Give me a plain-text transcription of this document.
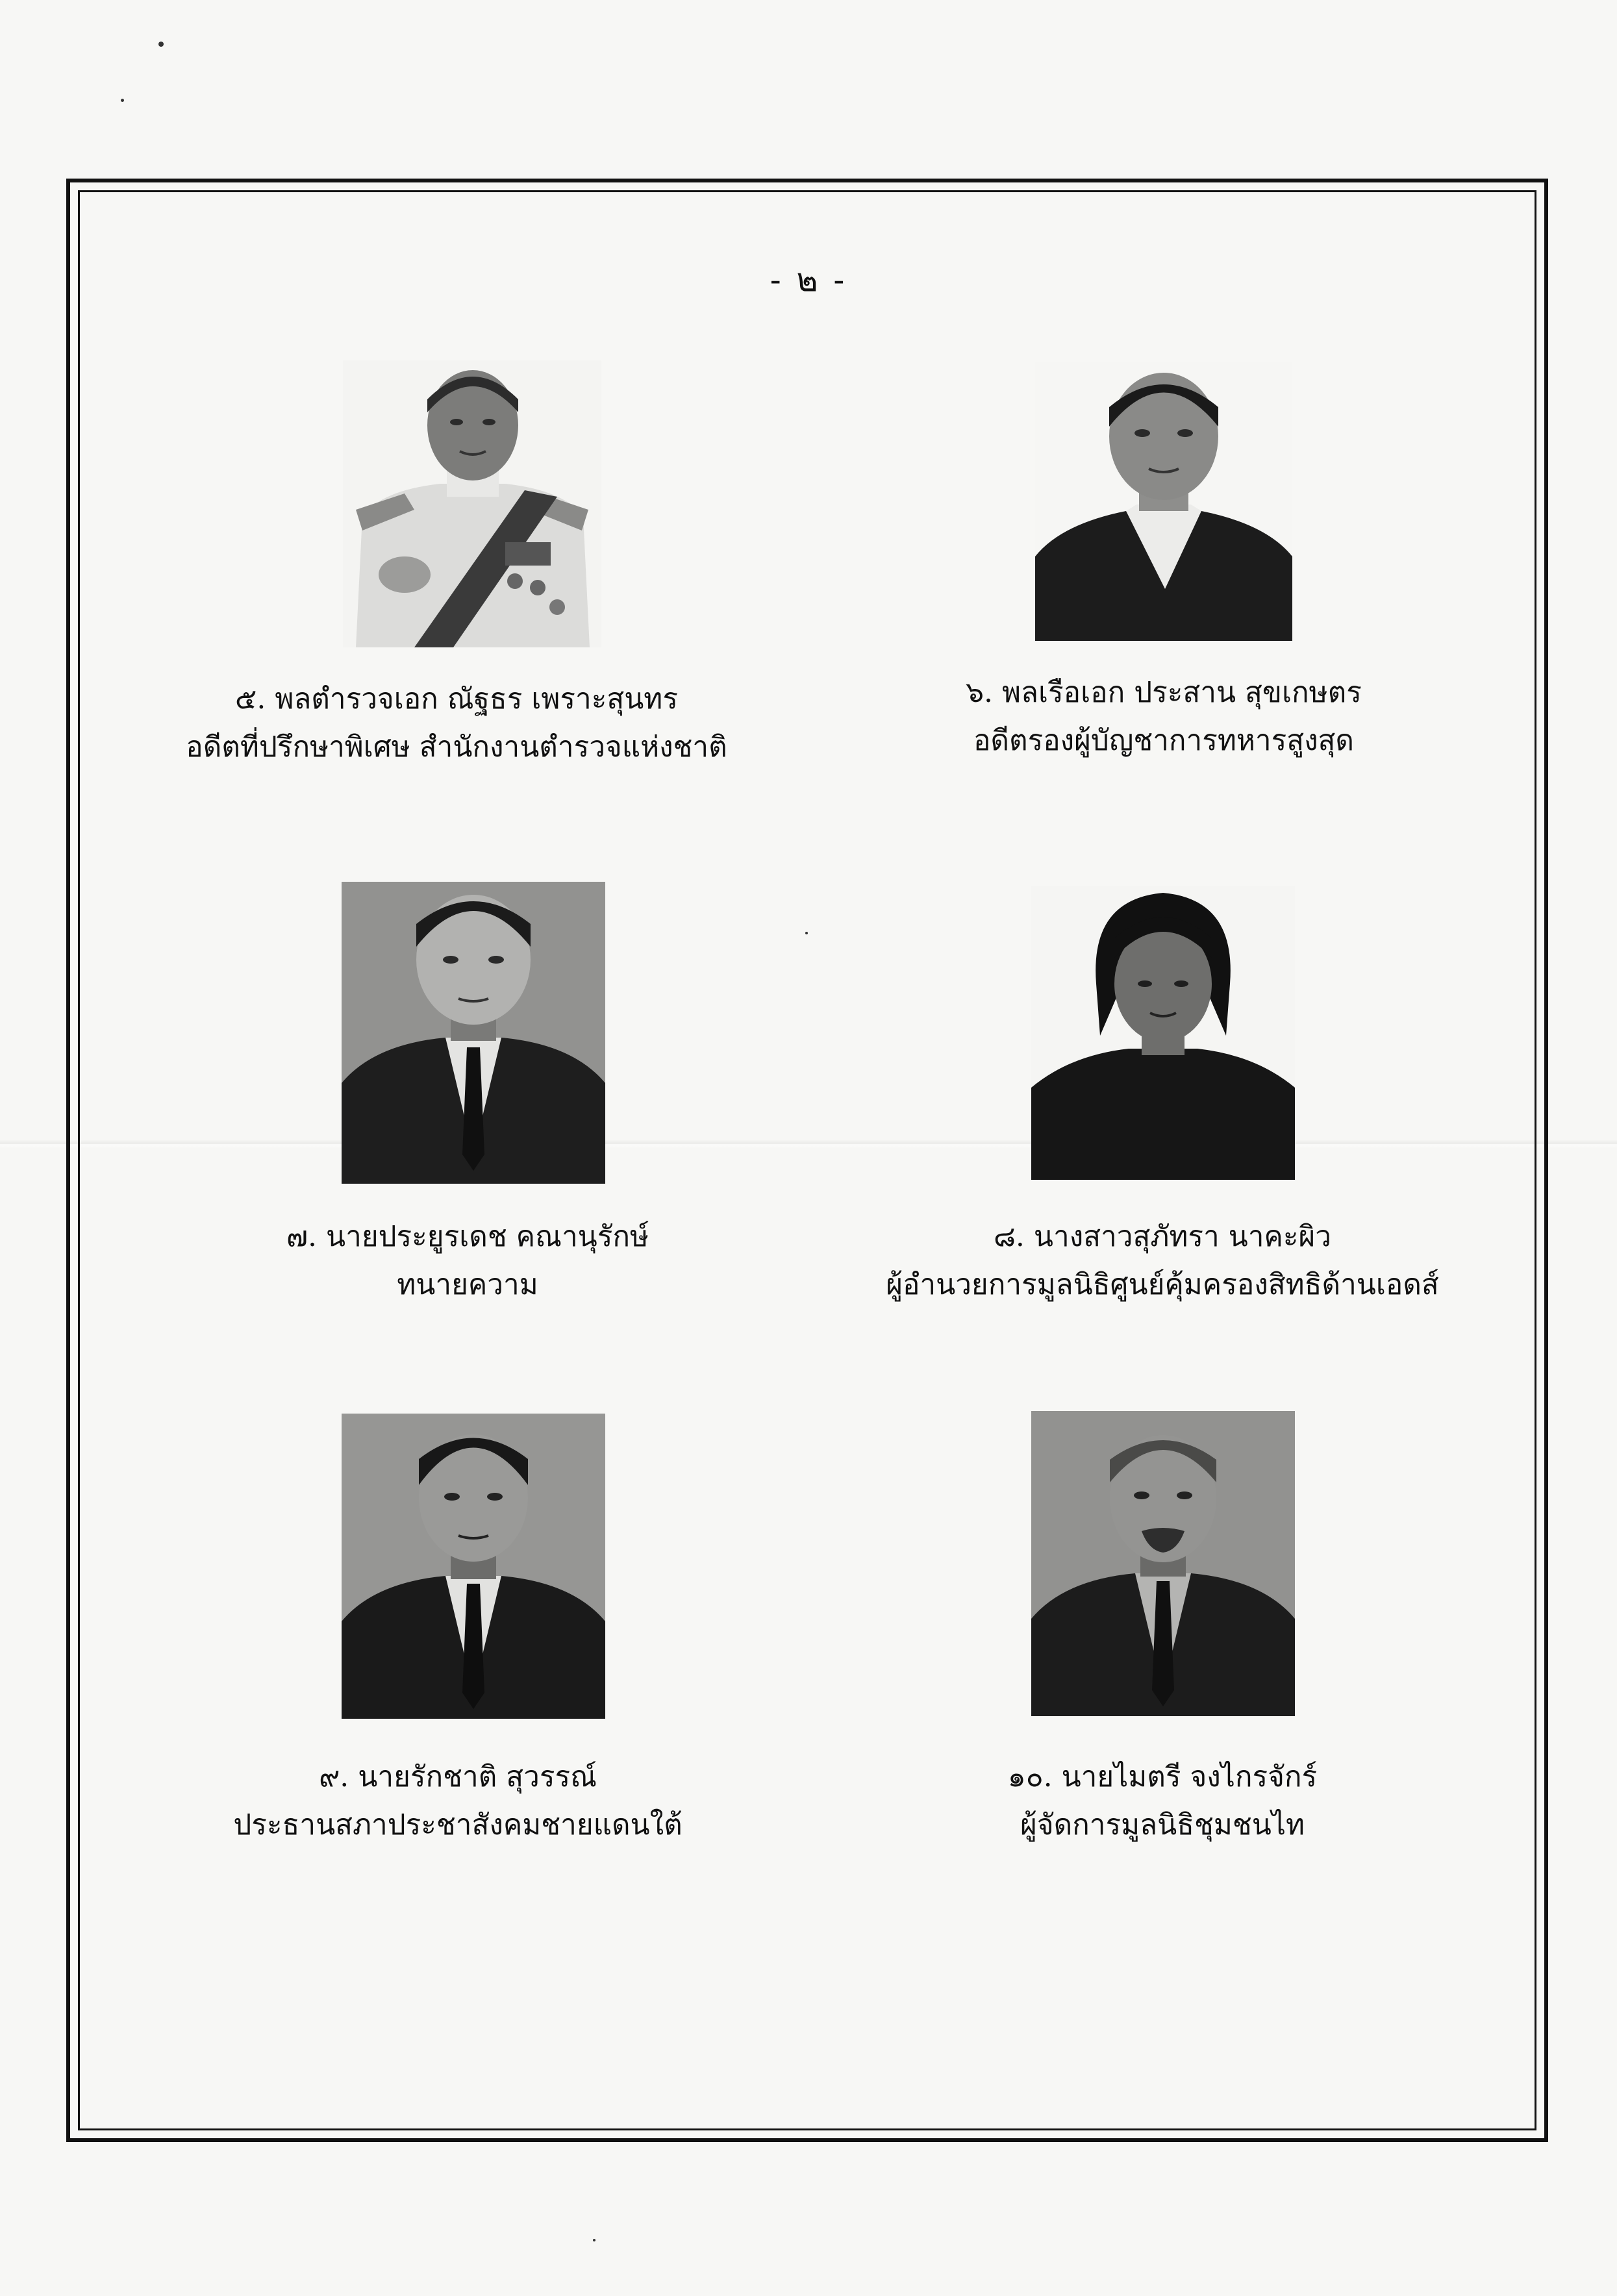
- ๒ -
๕. พลตำรวจเอก ณัฐธร เพราะสุนทร
อดีตที่ปรึกษาพิเศษ สำนักงานตำรวจแห่งชาติ
๖. พลเรือเอก ประสาน สุขเกษตร
อดีตรองผู้บัญชาการทหารสูงสุด
๗. นายประยูรเดช คณานุรักษ์
ทนายความ
๘. นางสาวสุภัทรา นาคะผิว
ผู้อำนวยการมูลนิธิศูนย์คุ้มครองสิทธิด้านเอดส์
๙. นายรักชาติ สุวรรณ์
ประธานสภาประชาสังคมชายแดนใต้
๑๐. นายไมตรี จงไกรจักร์
ผู้จัดการมูลนิธิชุมชนไท
